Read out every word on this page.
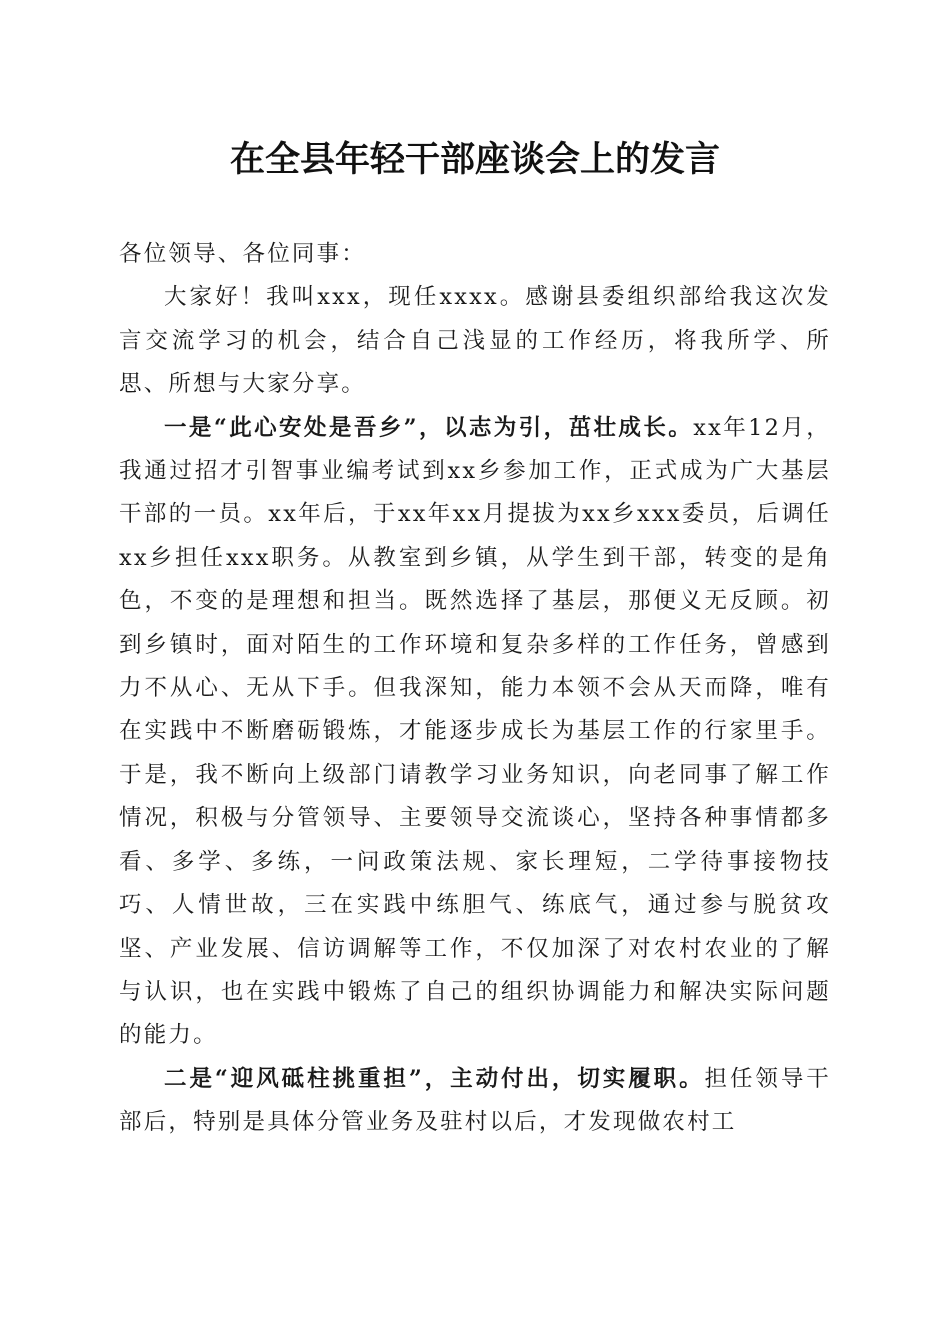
在全县年轻干部座谈会上的发言

各位领导、各位同事：

大家好！我叫xxx，现任xxxx。感谢县委组织部给我这次发言交流学习的机会，结合自己浅显的工作经历，将我所学、所思、所想与大家分享。

一是“此心安处是吾乡”，以志为引，茁壮成长。xx年12月，我通过招才引智事业编考试到xx乡参加工作，正式成为广大基层干部的一员。xx年后，于xx年xx月提拔为xx乡xxx委员，后调任xx乡担任xxx职务。从教室到乡镇，从学生到干部，转变的是角色，不变的是理想和担当。既然选择了基层，那便义无反顾。初到乡镇时，面对陌生的工作环境和复杂多样的工作任务，曾感到力不从心、无从下手。但我深知，能力本领不会从天而降，唯有在实践中不断磨砺锻炼，才能逐步成长为基层工作的行家里手。于是，我不断向上级部门请教学习业务知识，向老同事了解工作情况，积极与分管领导、主要领导交流谈心，坚持各种事情都多看、多学、多练，一问政策法规、家长理短，二学待事接物技巧、人情世故，三在实践中练胆气、练底气，通过参与脱贫攻坚、产业发展、信访调解等工作，不仅加深了对农村农业的了解与认识，也在实践中锻炼了自己的组织协调能力和解决实际问题的能力。

二是“迎风砥柱挑重担”，主动付出，切实履职。担任领导干部后，特别是具体分管业务及驻村以后，才发现做农村工
